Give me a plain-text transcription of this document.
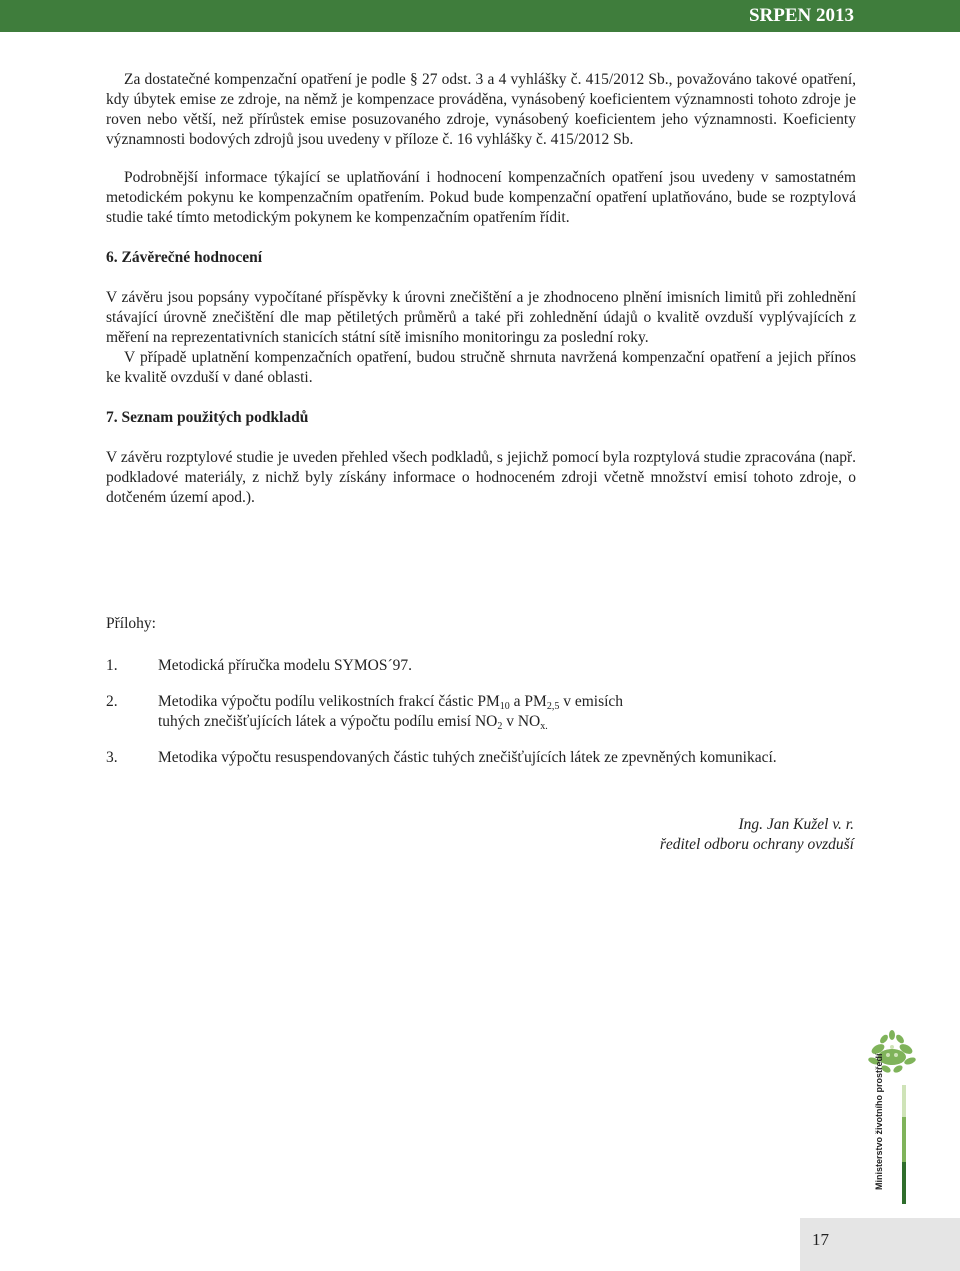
SRPEN 2013

Za dostatečné kompenzační opatření je podle § 27 odst. 3 a 4 vyhlášky č. 415/2012 Sb., považováno takové opatření, kdy úbytek emise ze zdroje, na němž je kompenzace prováděna, vynásobený koeficientem významnosti tohoto zdroje je roven nebo větší, než přírůstek emise posuzovaného zdroje, vynásobený koeficientem jeho významnosti. Koeficienty významnosti bodových zdrojů jsou uvedeny v příloze č. 16 vyhlášky č. 415/2012 Sb.

Podrobnější informace týkající se uplatňování i hodnocení kompenzačních opatření jsou uvedeny v samostatném metodickém pokynu ke kompenzačním opatřením. Pokud bude kompenzační opatření uplatňováno, bude se rozptylová studie také tímto metodickým pokynem ke kompenzačním opatřením řídit.

6. Závěrečné hodnocení

V závěru jsou popsány vypočítané příspěvky k úrovni znečištění a je zhodnoceno plnění imisních limitů při zohlednění stávající úrovně znečištění dle map pětiletých průměrů a také při zohlednění údajů o kvalitě ovzduší vyplývajících z měření na reprezentativních stanicích státní sítě imisního monitoringu za poslední roky.

V případě uplatnění kompenzačních opatření, budou stručně shrnuta navržená kompenzační opatření a jejich přínos ke kvalitě ovzduší v dané oblasti.

7. Seznam použitých podkladů

V závěru rozptylové studie je uveden přehled všech podkladů, s jejichž pomocí byla rozptylová studie zpracována (např. podkladové materiály, z nichž byly získány informace o hodnoceném zdroji včetně množství emisí tohoto zdroje, o dotčeném území apod.).

Přílohy:

1.	Metodická příručka modelu SYMOS´97.
2.	Metodika výpočtu podílu velikostních frakcí částic $PM_{10}$ a $PM_{2,5}$ v emisích
tuhých znečišťujících látek a výpočtu podílu emisí $NO_2$ v $NO_{x.}$
3.	Metodika výpočtu resuspendovaných částic tuhých znečišťujících látek ze zpevněných komunikací.
Ing. Jan Kužel v. r.
ředitel odboru ochrany ovzduší
Ministerstvo životního prostředí
17
